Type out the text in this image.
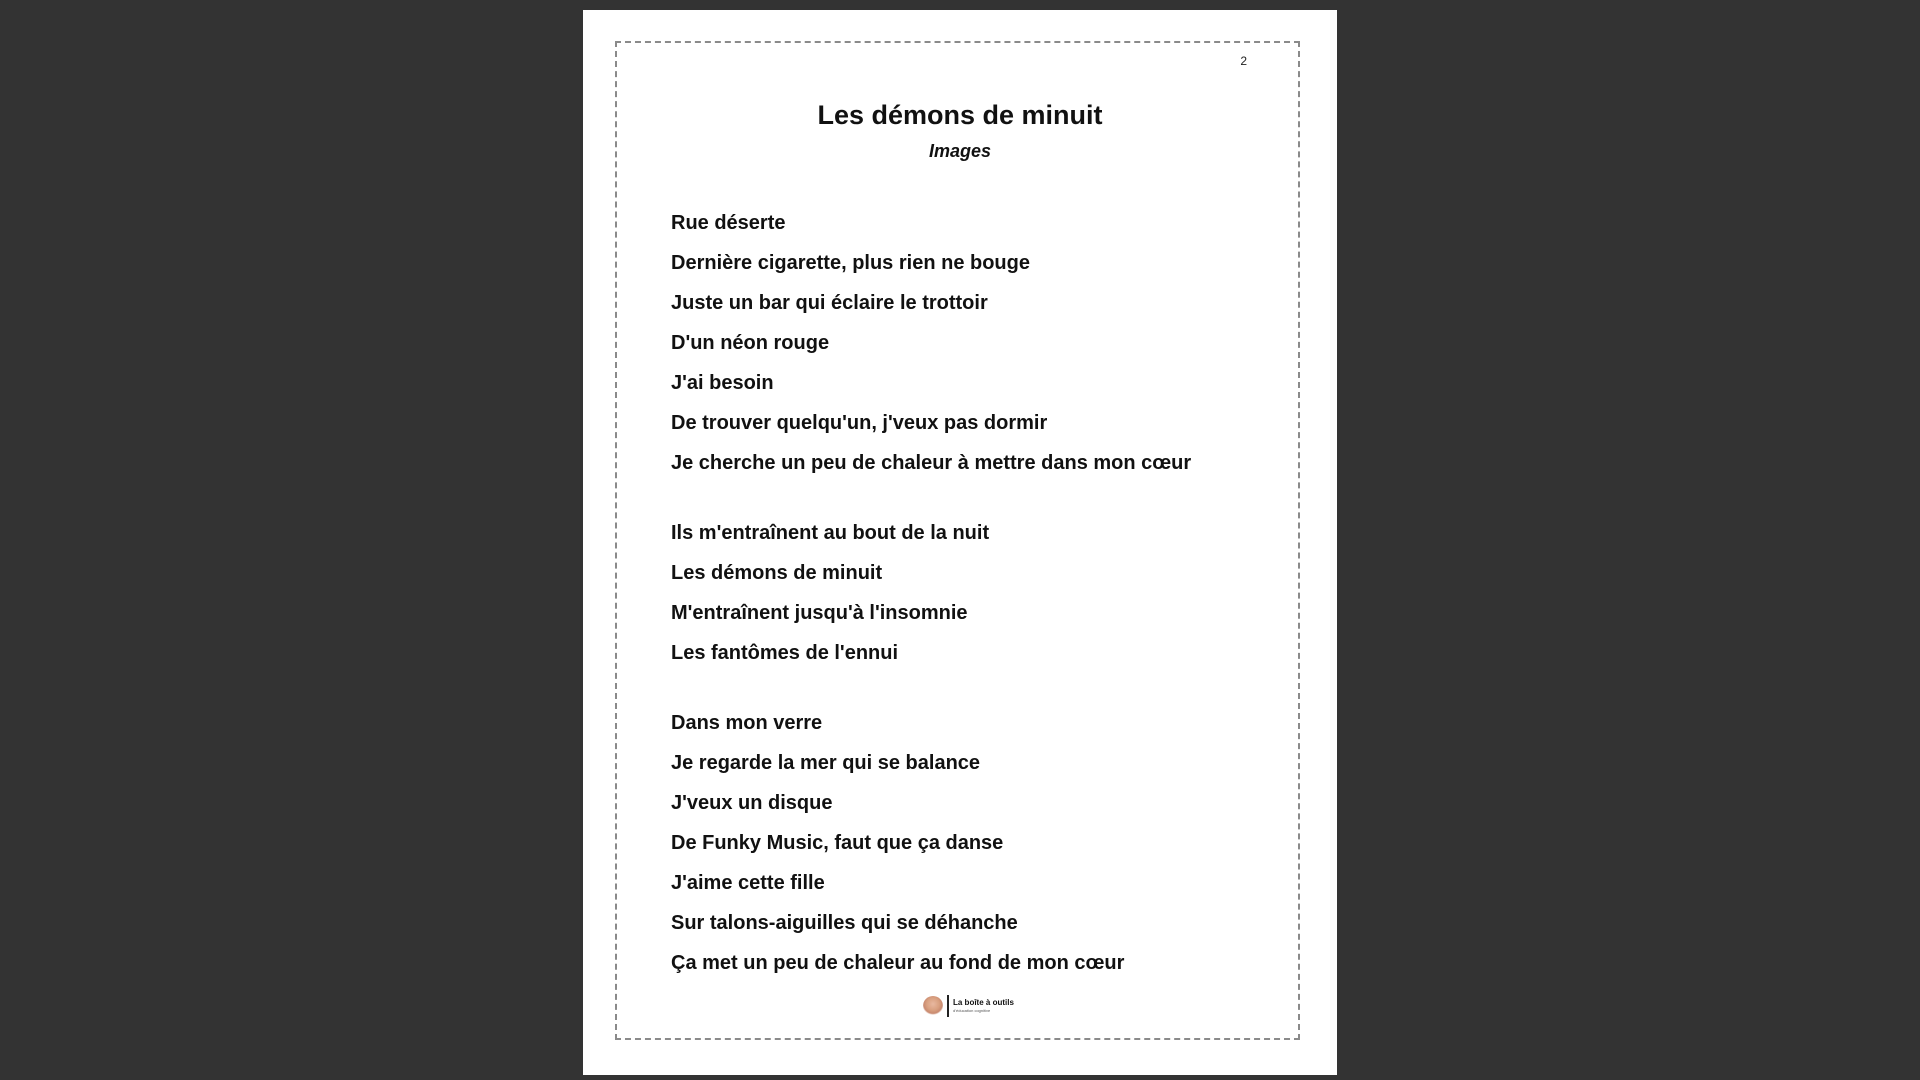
2
Les démons de minuit
Images
Rue déserte
Dernière cigarette, plus rien ne bouge
Juste un bar qui éclaire le trottoir
D'un néon rouge
J'ai besoin
De trouver quelqu'un, j'veux pas dormir
Je cherche un peu de chaleur à mettre dans mon cœur
Ils m'entraînent au bout de la nuit
Les démons de minuit
M'entraînent jusqu'à l'insomnie
Les fantômes de l'ennui
Dans mon verre
Je regarde la mer qui se balance
J'veux un disque
De Funky Music, faut que ça danse
J'aime cette fille
Sur talons-aiguilles qui se déhanche
Ça met un peu de chaleur au fond de mon cœur
La boîte à outils
d'éducation cognitive
